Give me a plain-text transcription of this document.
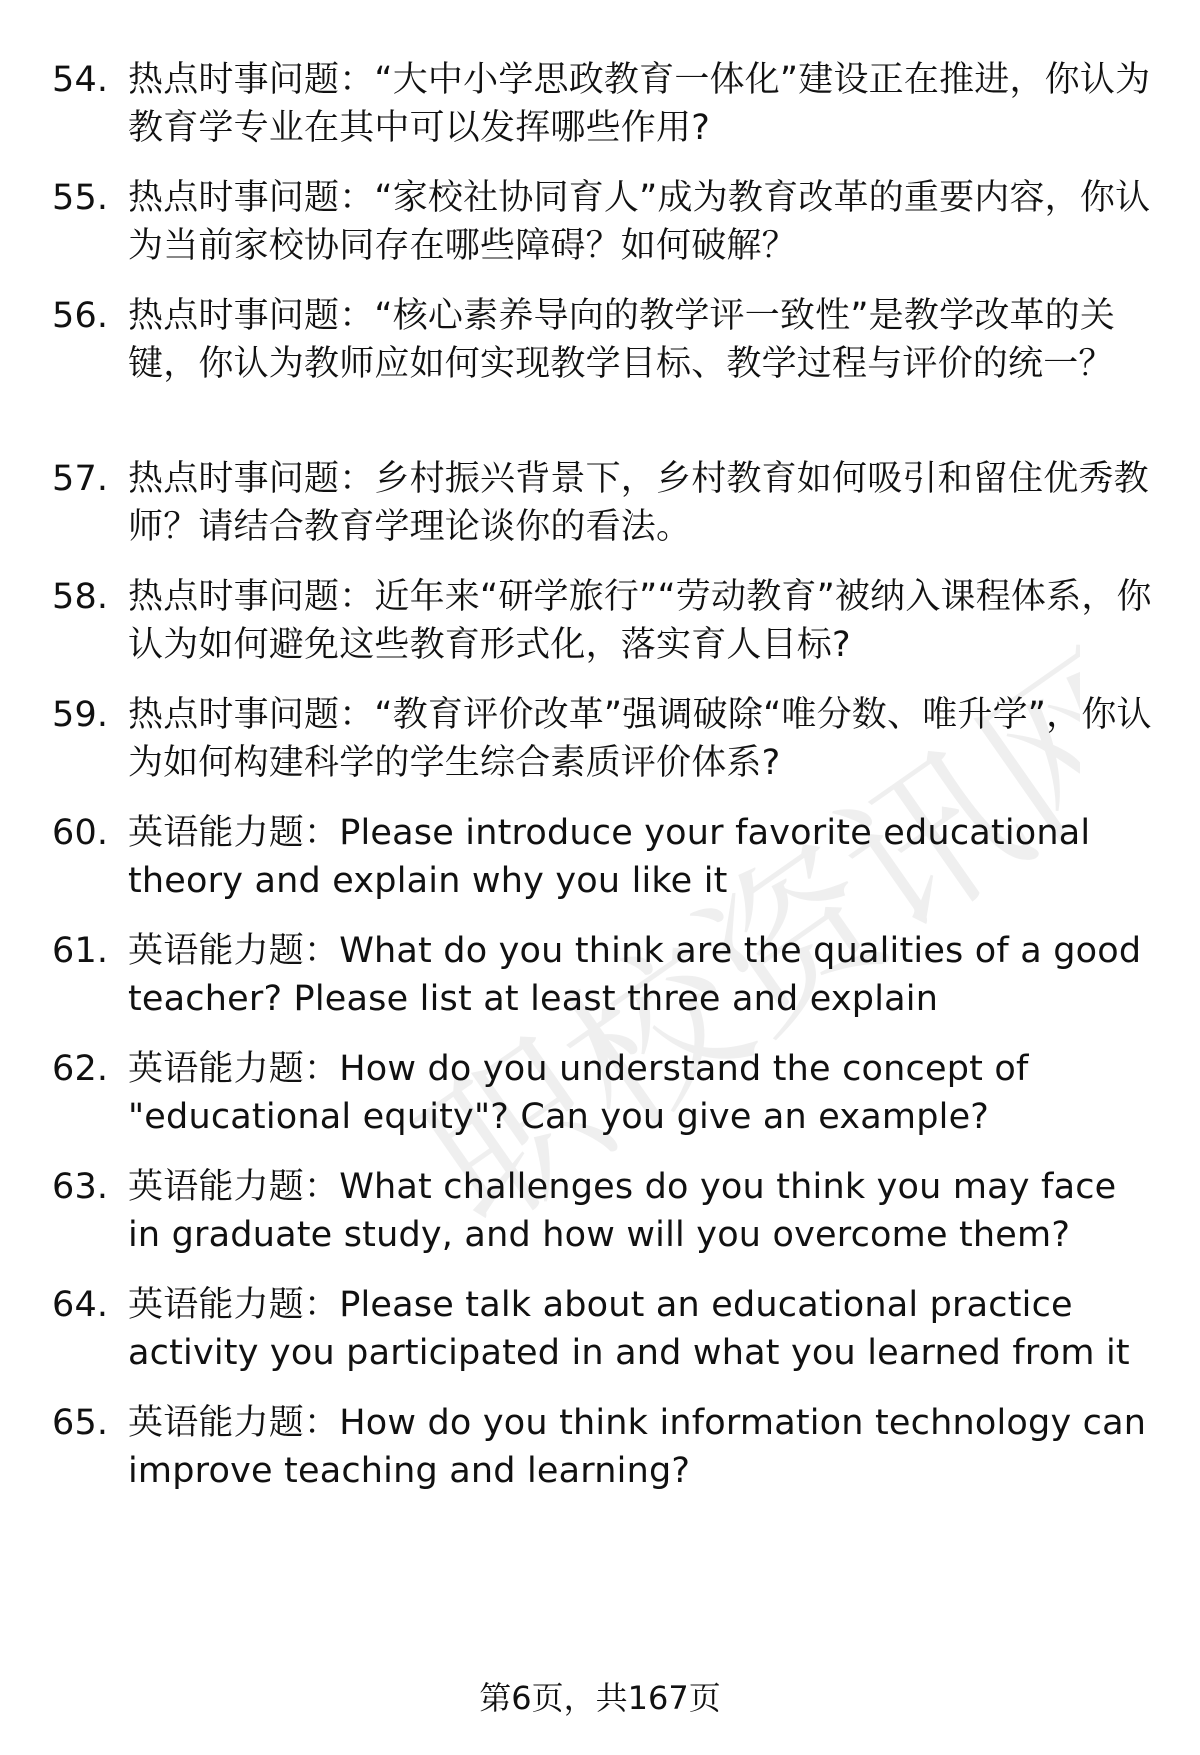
职校资讯网
54. 热点时事问题：“大中小学思政教育一体化”建设正在推进，你认为教育学专业在其中可以发挥哪些作用?
55. 热点时事问题：“家校社协同育人”成为教育改革的重要内容，你认为当前家校协同存在哪些障碍？如何破解？
56. 热点时事问题：“核心素养导向的教学评一致性”是教学改革的关键，你认为教师应如何实现教学目标、教学过程与评价的统一？
57. 热点时事问题：乡村振兴背景下，乡村教育如何吸引和留住优秀教师？请结合教育学理论谈你的看法。
58. 热点时事问题：近年来“研学旅行”“劳动教育”被纳入课程体系，你认为如何避免这些教育形式化，落实育人目标?
59. 热点时事问题：“教育评价改革”强调破除“唯分数、唯升学”，你认为如何构建科学的学生综合素质评价体系?
60. 英语能力题：Please introduce your favorite educational theory and explain why you like it
61. 英语能力题：What do you think are the qualities of a good teacher? Please list at least three and explain
62. 英语能力题：How do you understand the concept of "educational equity"? Can you give an example?
63. 英语能力题：What challenges do you think you may face in graduate study, and how will you overcome them?
64. 英语能力题：Please talk about an educational practice activity you participated in and what you learned from it
65. 英语能力题：How do you think information technology can improve teaching and learning?
第6页，共167页
